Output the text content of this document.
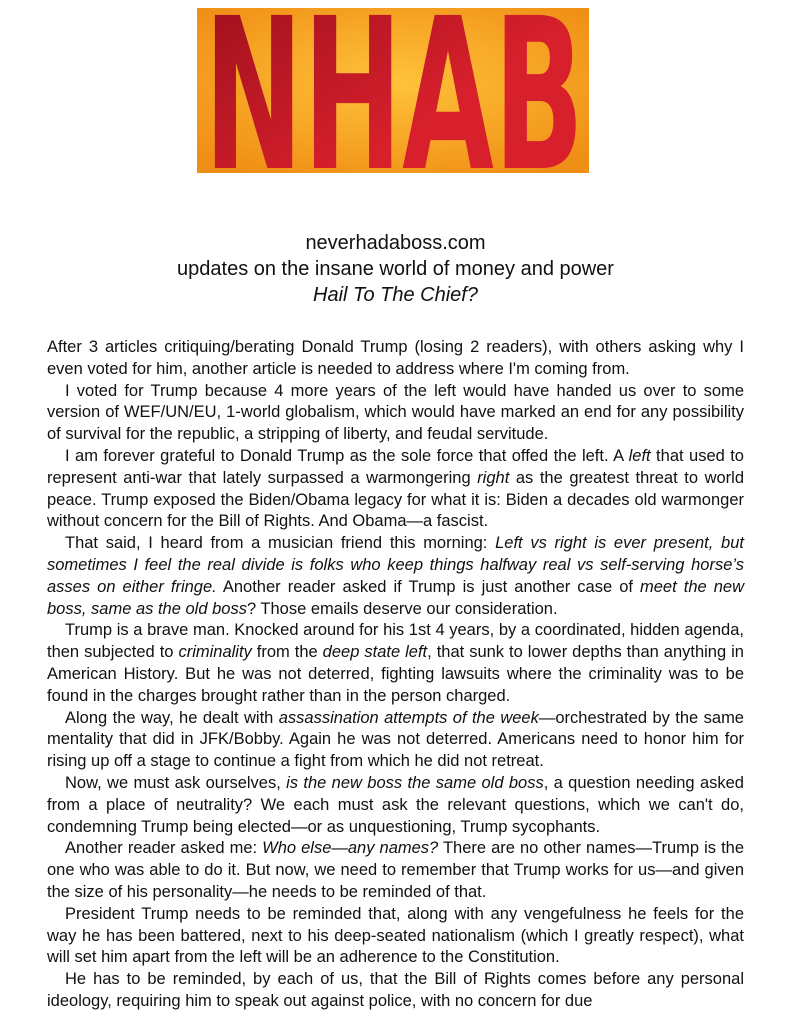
NHAB
neverhadaboss.com
updates on the insane world of money and power
Hail To The Chief?

After 3 articles critiquing/berating Donald Trump (losing 2 readers), with others asking why I even voted for him, another article is needed to address where I'm coming from.

I voted for Trump because 4 more years of the left would have handed us over to some version of WEF/UN/EU, 1-world globalism, which would have marked an end for any possibility of survival for the republic, a stripping of liberty, and feudal servitude.

I am forever grateful to Donald Trump as the sole force that offed the left. A left that used to represent anti-war that lately surpassed a warmongering right as the greatest threat to world peace. Trump exposed the Biden/Obama legacy for what it is: Biden a decades old warmonger without concern for the Bill of Rights. And Obama—a fascist.

That said, I heard from a musician friend this morning: Left vs right is ever present, but sometimes I feel the real divide is folks who keep things halfway real vs self-serving horse’s asses on either fringe. Another reader asked if Trump is just another case of meet the new boss, same as the old boss? Those emails deserve our consideration.

Trump is a brave man. Knocked around for his 1st 4 years, by a coordinated, hidden agenda, then subjected to criminality from the deep state left, that sunk to lower depths than anything in American History. But he was not deterred, fighting lawsuits where the criminality was to be found in the charges brought rather than in the person charged.

Along the way, he dealt with assassination attempts of the week—orchestrated by the same mentality that did in JFK/Bobby. Again he was not deterred. Americans need to honor him for rising up off a stage to continue a fight from which he did not retreat.

Now, we must ask ourselves, is the new boss the same old boss, a question needing asked from a place of neutrality? We each must ask the relevant questions, which we can't do, condemning Trump being elected—or as unquestioning, Trump sycophants.

Another reader asked me: Who else—any names? There are no other names—Trump is the one who was able to do it. But now, we need to remember that Trump works for us—and given the size of his personality—he needs to be reminded of that.

President Trump needs to be reminded that, along with any vengefulness he feels for the way he has been battered, next to his deep-seated nationalism (which I greatly respect), what will set him apart from the left will be an adherence to the Constitution.

He has to be reminded, by each of us, that the Bill of Rights comes before any personal ideology, requiring him to speak out against police, with no concern for due
